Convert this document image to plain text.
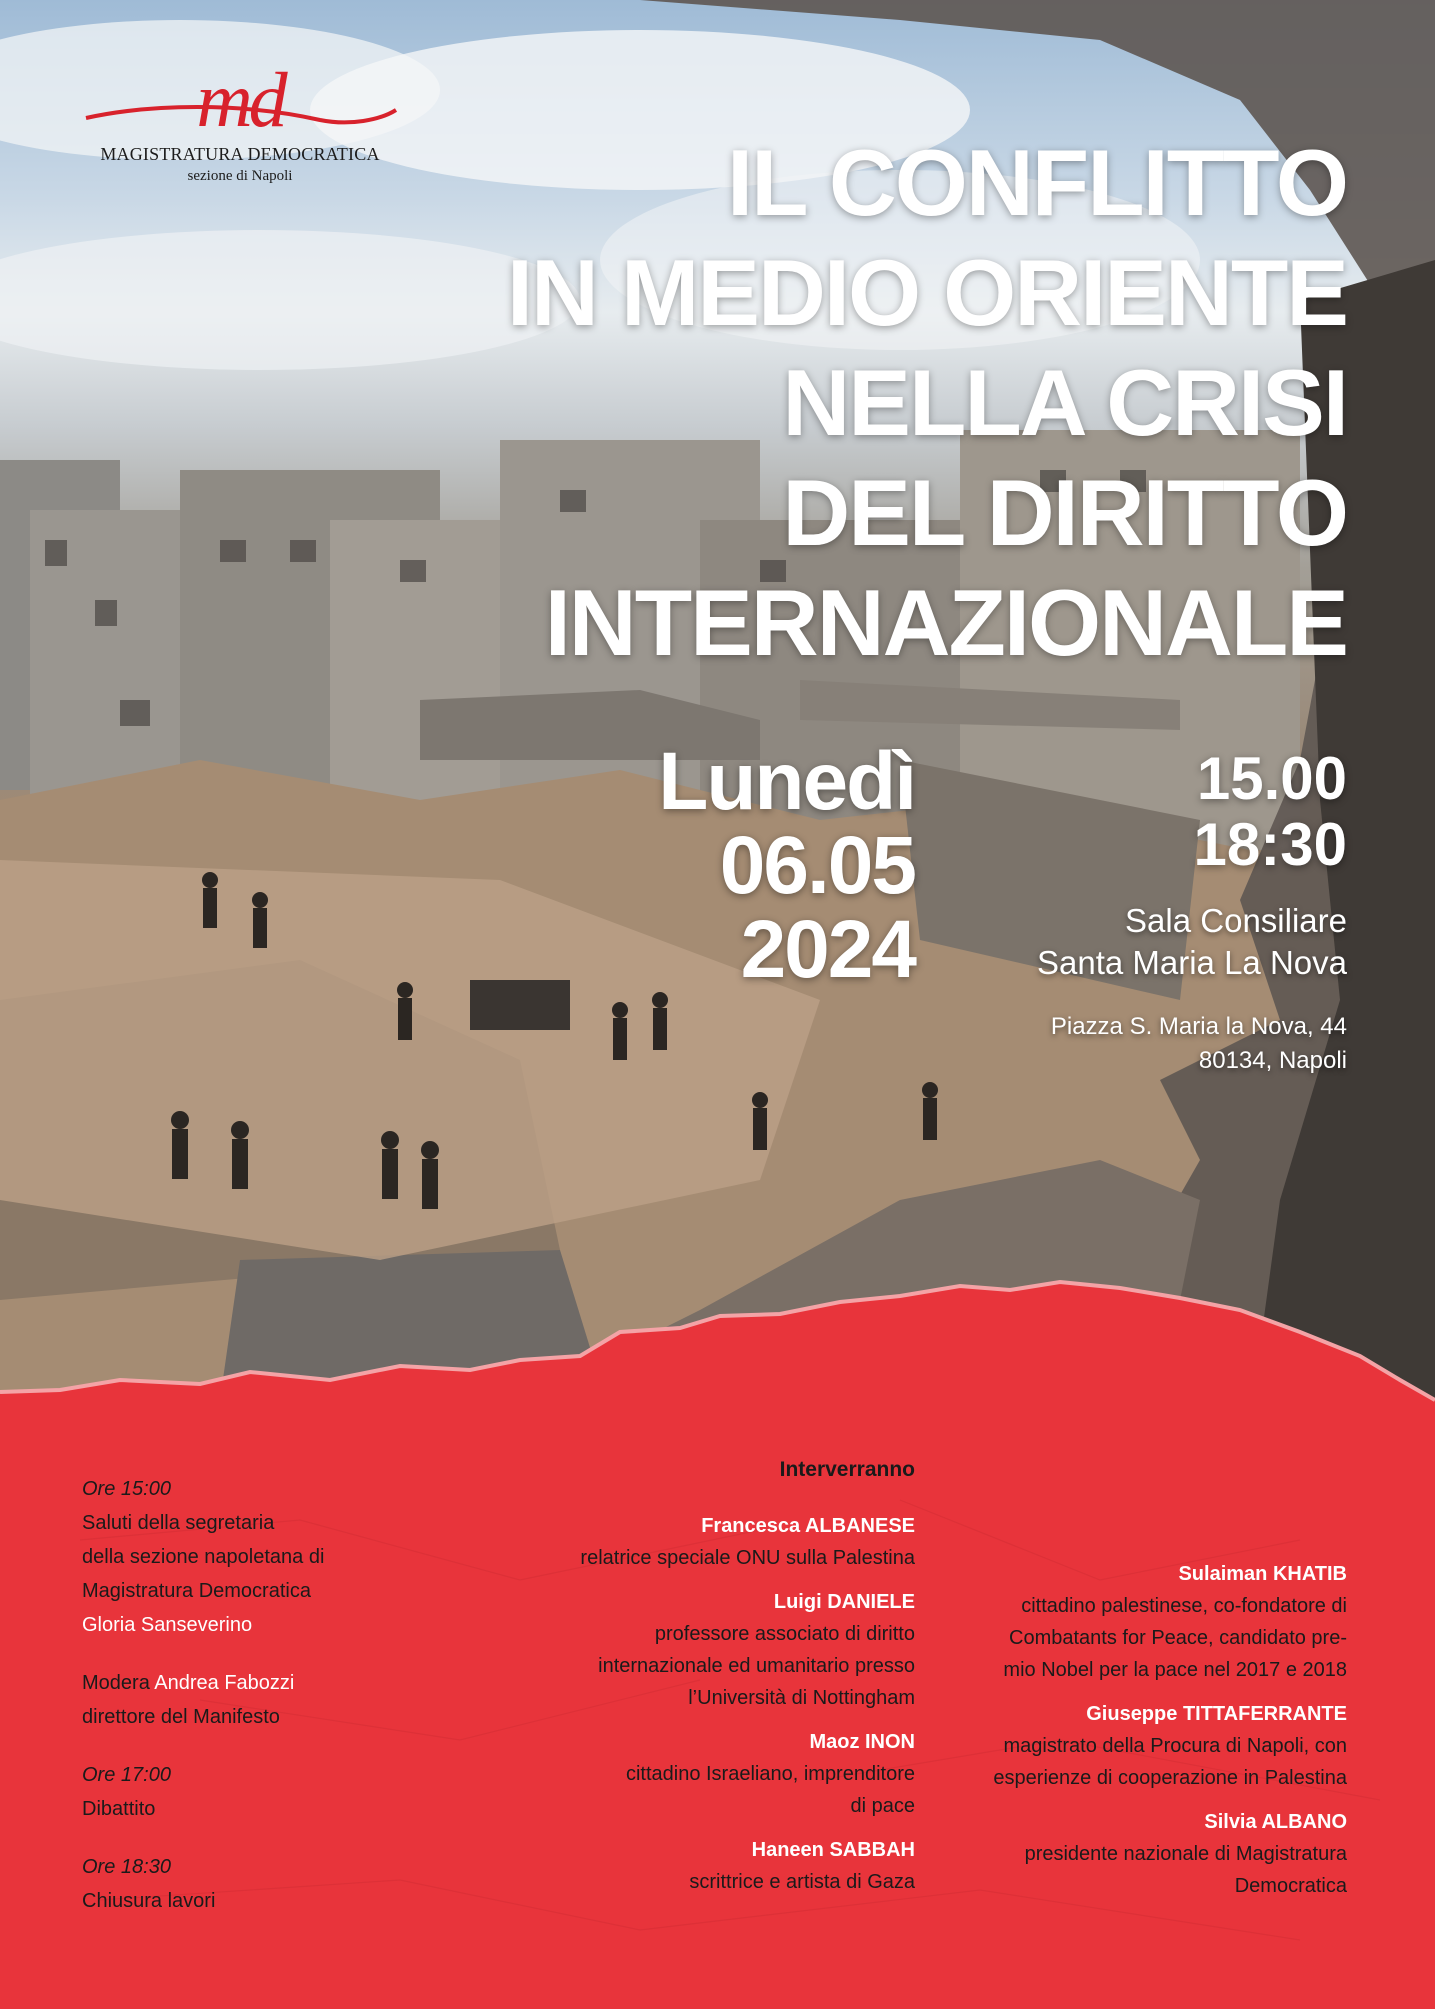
md
MAGISTRATURA DEMOCRATICA
sezione di Napoli	IL CONFLITTO
IN MEDIO ORIENTE
NELLA CRISI
DEL DIRITTO
INTERNAZIONALE
Lunedì
06.05
2024
15.00
18:30
Sala Consiliare
Santa Maria La Nova
Piazza S. Maria la Nova, 44
80134, Napoli
Ore 15:00
Saluti della segretaria
della sezione napoletana di
Magistratura Democratica
Gloria Sanseverino
Modera Andrea Fabozzi
direttore del Manifesto
Ore 17:00
Dibattito
Ore 18:30
Chiusura lavori
Interverranno
Francesca ALBANESE
relatrice speciale ONU sulla Palestina
Luigi DANIELE
professore associato di diritto
internazionale ed umanitario presso
l’Università di Nottingham
Maoz INON
cittadino Israeliano, imprenditore
di pace
Haneen SABBAH
scrittrice e artista di Gaza
Sulaiman KHATIB
cittadino palestinese, co-fondatore di
Combatants for Peace, candidato pre-
mio Nobel per la pace nel 2017 e 2018
Giuseppe TITTAFERRANTE
magistrato della Procura di Napoli, con
esperienze di cooperazione in Palestina
Silvia ALBANO
presidente nazionale di Magistratura
Democratica
